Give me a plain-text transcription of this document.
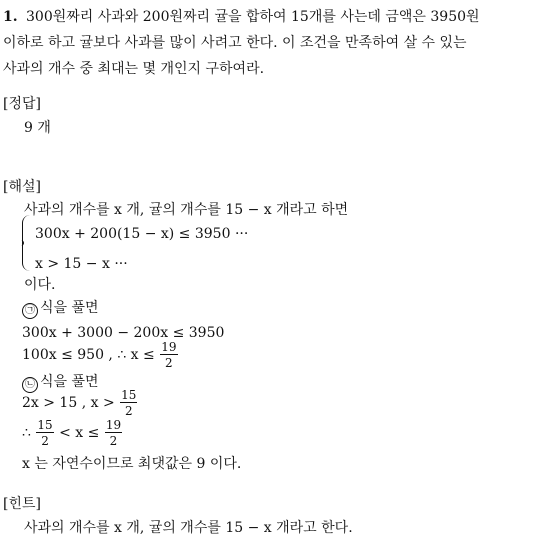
1. 300원짜리 사과와 200원짜리 귤을 합하여 15개를 사는데 금액은 3950원
이하로 하고 귤보다 사과를 많이 사려고 한다. 이 조건을 만족하여 살 수 있는
사과의 개수 중 최대는 몇 개인지 구하여라.
[정답]
9 개
[해설]
사과의 개수를 x 개, 귤의 개수를 15 − x 개라고 하면
300x + 200(15 − x) ≤ 3950 ···
x > 15 − x ···
이다.
㉠ 식을 풀면
300x + 3000 − 200x ≤ 3950
100x ≤ 950 , ∴ $x \le \frac{19}{2}$
㉡ 식을 풀면
2x > 15 , $x > \frac{15}{2}$
∴ $\frac{15}{2} < x \le \frac{19}{2}$
x 는 자연수이므로 최댓값은 9 이다.
[힌트]
사과의 개수를 x 개, 귤의 개수를 15 − x 개라고 한다.
